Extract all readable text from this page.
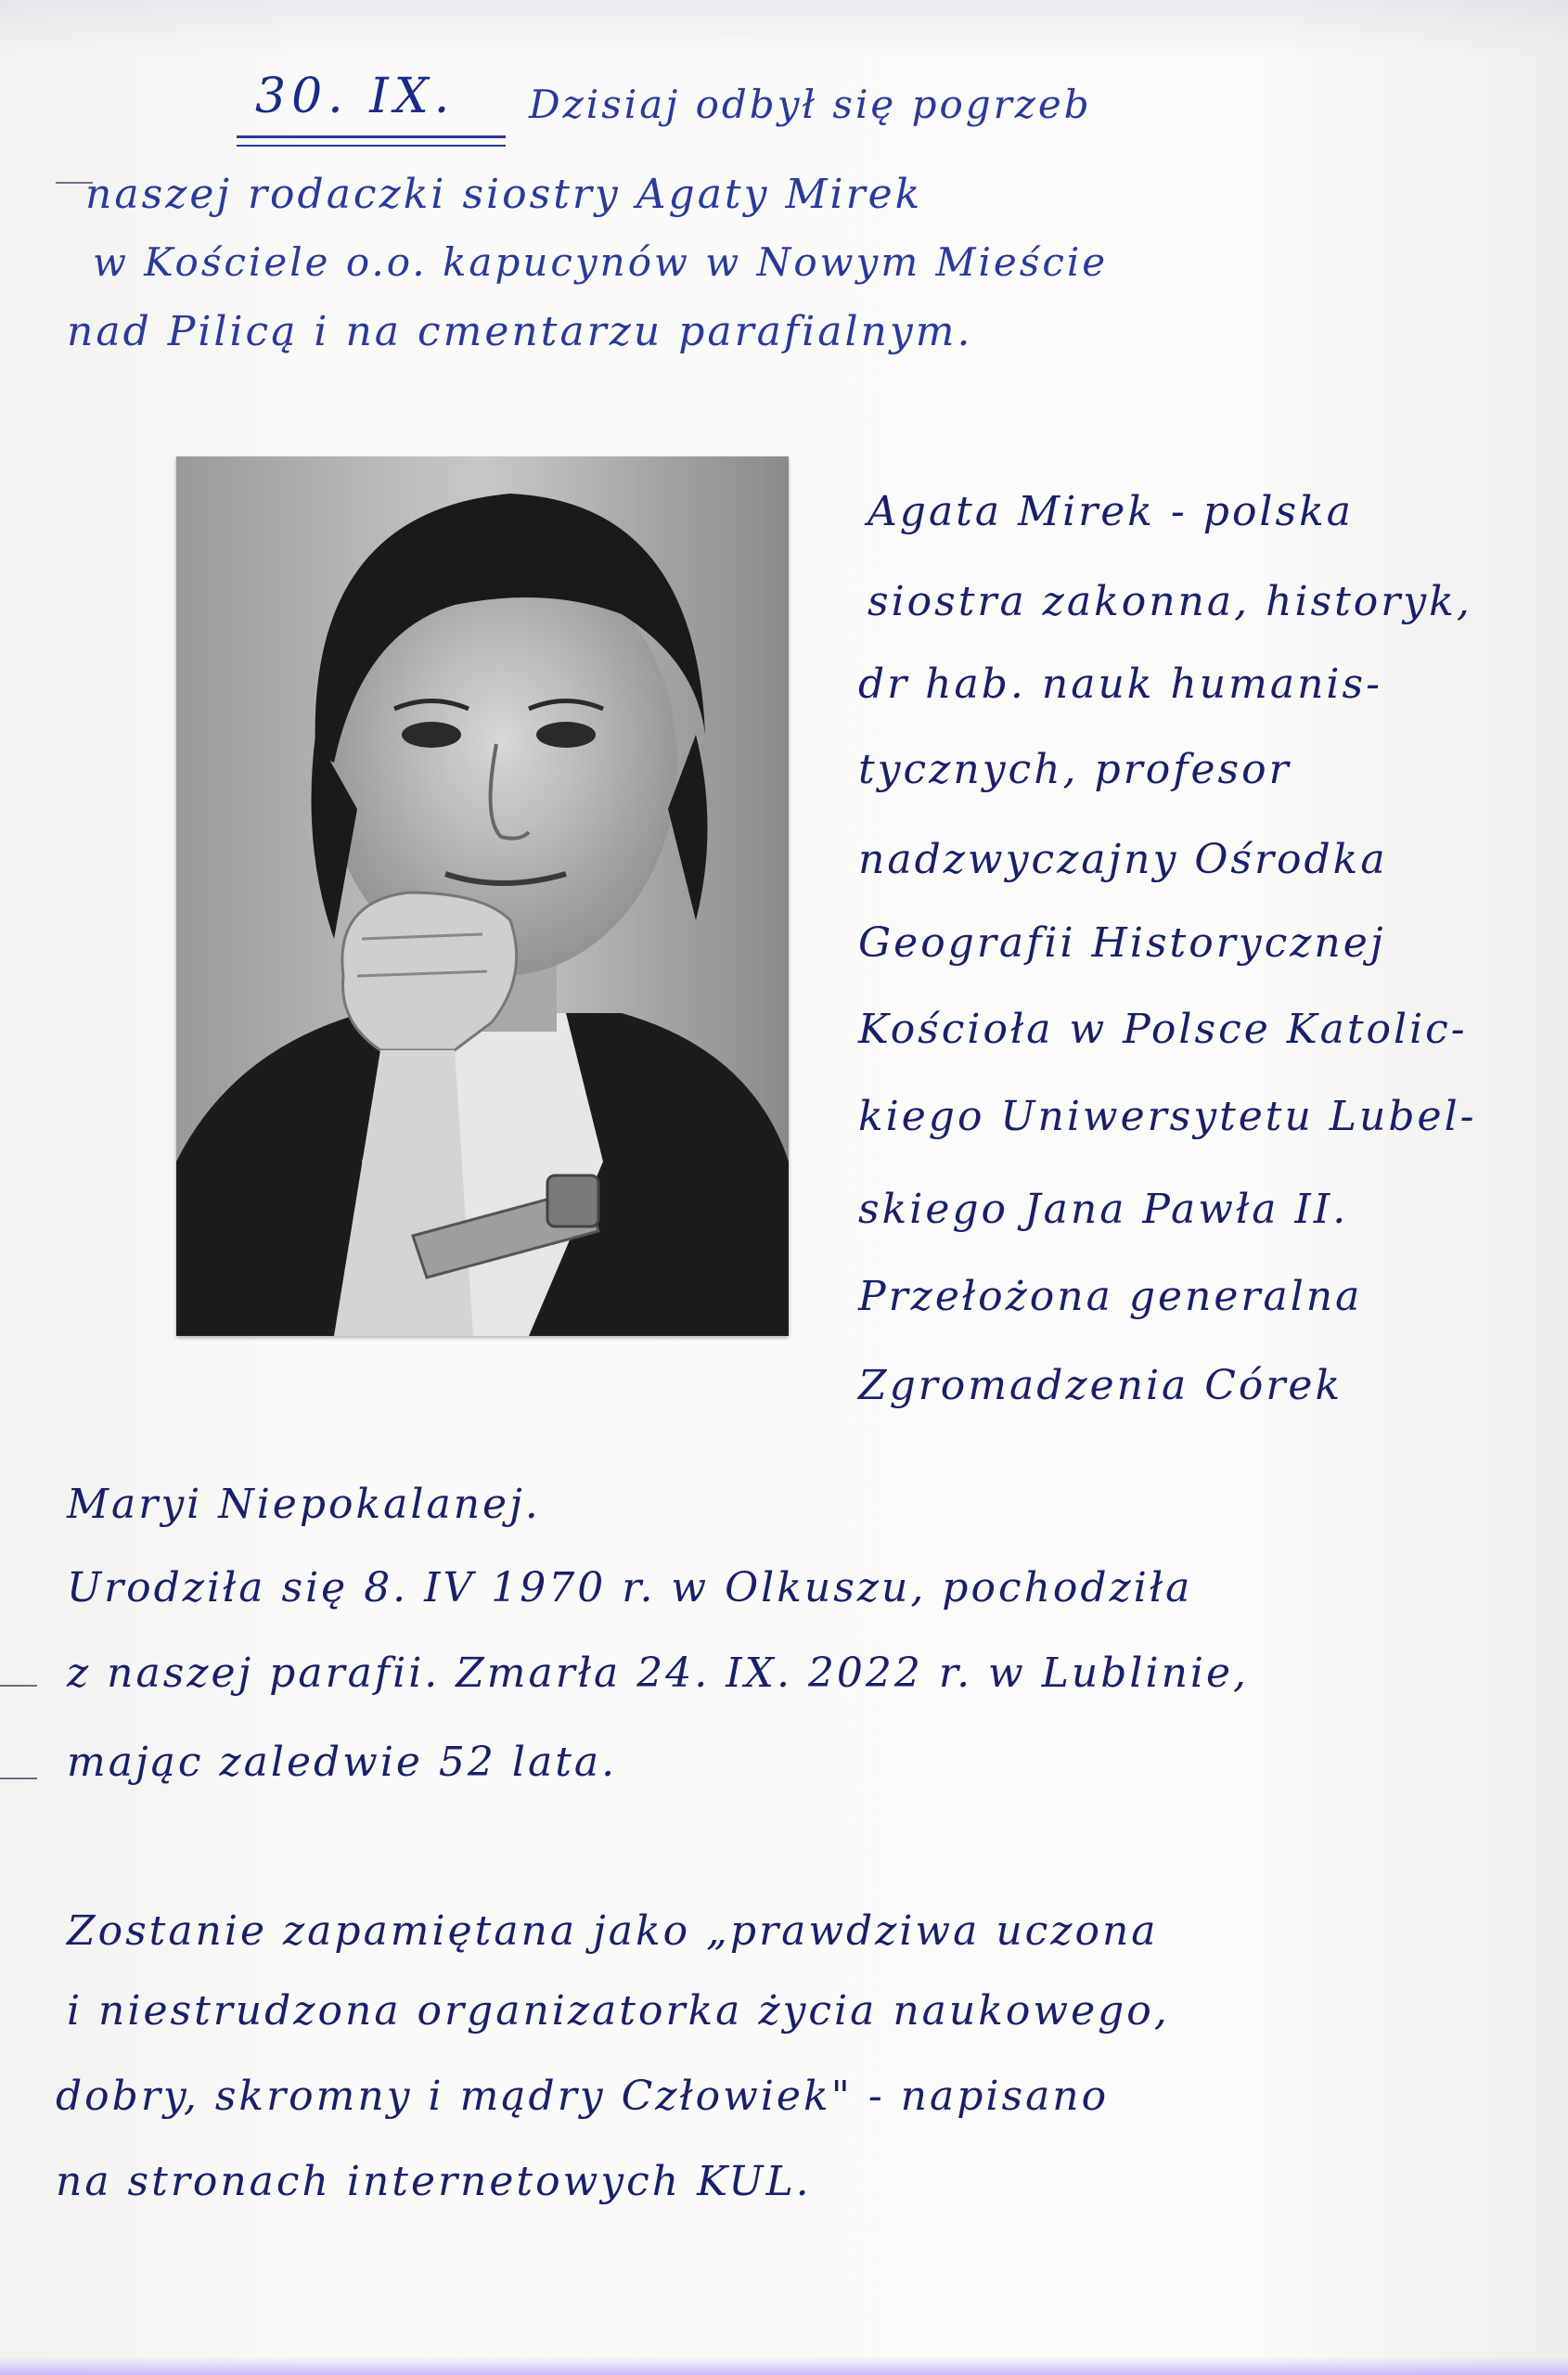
30. IX. Dzisiaj odbył się pogrzeb
naszej rodaczki siostry Agaty Mirek
w Kościele o.o. kapucynów w Nowym Mieście
nad Pilicą i na cmentarzu parafialnym.
Agata Mirek - polska
siostra zakonna, historyk,
dr hab. nauk humanis-
tycznych, profesor
nadzwyczajny Ośrodka
Geografii Historycznej
Kościoła w Polsce Katolic-
kiego Uniwersytetu Lubel-
skiego Jana Pawła II.
Przełożona generalna
Zgromadzenia Córek
Maryi Niepokalanej.
Urodziła się 8. IV 1970 r. w Olkuszu, pochodziła
z naszej parafii. Zmarła 24. IX. 2022 r. w Lublinie,
mając zaledwie 52 lata.
Zostanie zapamiętana jako „prawdziwa uczona
i niestrudzona organizatorka życia naukowego,
dobry, skromny i mądry Człowiek" - napisano
na stronach internetowych KUL.
